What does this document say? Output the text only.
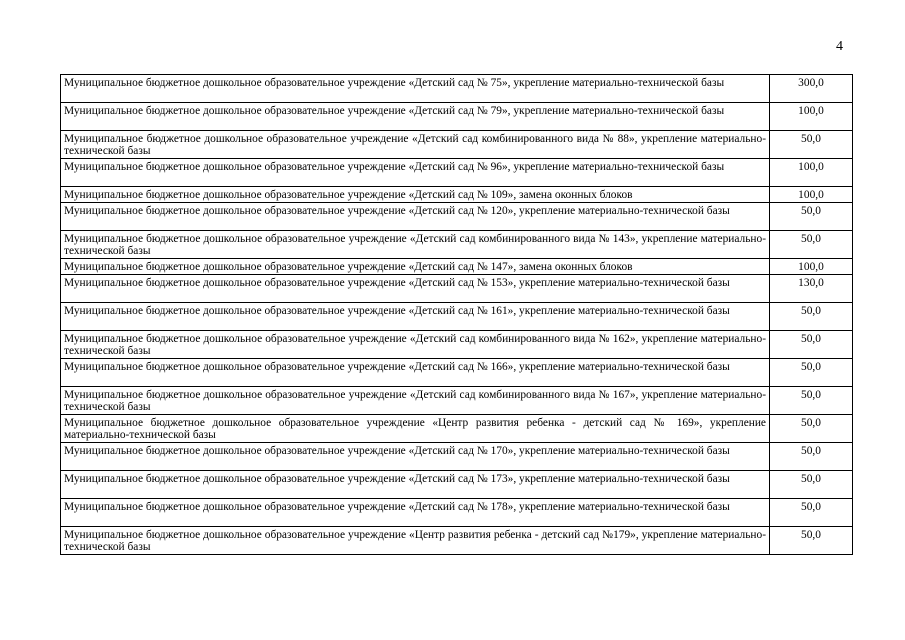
4
Муниципальное бюджетное дошкольное образовательное учреждение «Детский сад № 75», укрепление материально-технической базы	300,0
Муниципальное бюджетное дошкольное образовательное учреждение «Детский сад № 79», укрепление материально-технической базы	100,0
Муниципальное бюджетное дошкольное образовательное учреждение «Детский сад комбинированного вида № 88», укрепление материально-технической базы	50,0
Муниципальное бюджетное дошкольное образовательное учреждение «Детский сад № 96», укрепление материально-технической базы	100,0
Муниципальное бюджетное дошкольное образовательное учреждение «Детский сад № 109», замена оконных блоков	100,0
Муниципальное бюджетное дошкольное образовательное учреждение «Детский сад № 120», укрепление материально-технической базы	50,0
Муниципальное бюджетное дошкольное образовательное учреждение «Детский сад комбинированного вида № 143», укрепление материально-технической базы	50,0
Муниципальное бюджетное дошкольное образовательное учреждение «Детский сад № 147», замена оконных блоков	100,0
Муниципальное бюджетное дошкольное образовательное учреждение «Детский сад № 153», укрепление материально-технической базы	130,0
Муниципальное бюджетное дошкольное образовательное учреждение «Детский сад № 161», укрепление материально-технической базы	50,0
Муниципальное бюджетное дошкольное образовательное учреждение «Детский сад комбинированного вида № 162», укрепление материально-технической базы	50,0
Муниципальное бюджетное дошкольное образовательное учреждение «Детский сад № 166», укрепление материально-технической базы	50,0
Муниципальное бюджетное дошкольное образовательное учреждение «Детский сад комбинированного вида № 167», укрепление материально-технической базы	50,0
Муниципальное бюджетное дошкольное образовательное учреждение «Центр развития ребенка - детский сад № 169», укрепление материально-технической базы	50,0
Муниципальное бюджетное дошкольное образовательное учреждение «Детский сад № 170», укрепление материально-технической базы	50,0
Муниципальное бюджетное дошкольное образовательное учреждение «Детский сад № 173», укрепление материально-технической базы	50,0
Муниципальное бюджетное дошкольное образовательное учреждение «Детский сад № 178», укрепление материально-технической базы	50,0
Муниципальное бюджетное дошкольное образовательное учреждение «Центр развития ребенка - детский сад №179», укрепление материально-технической базы	50,0
